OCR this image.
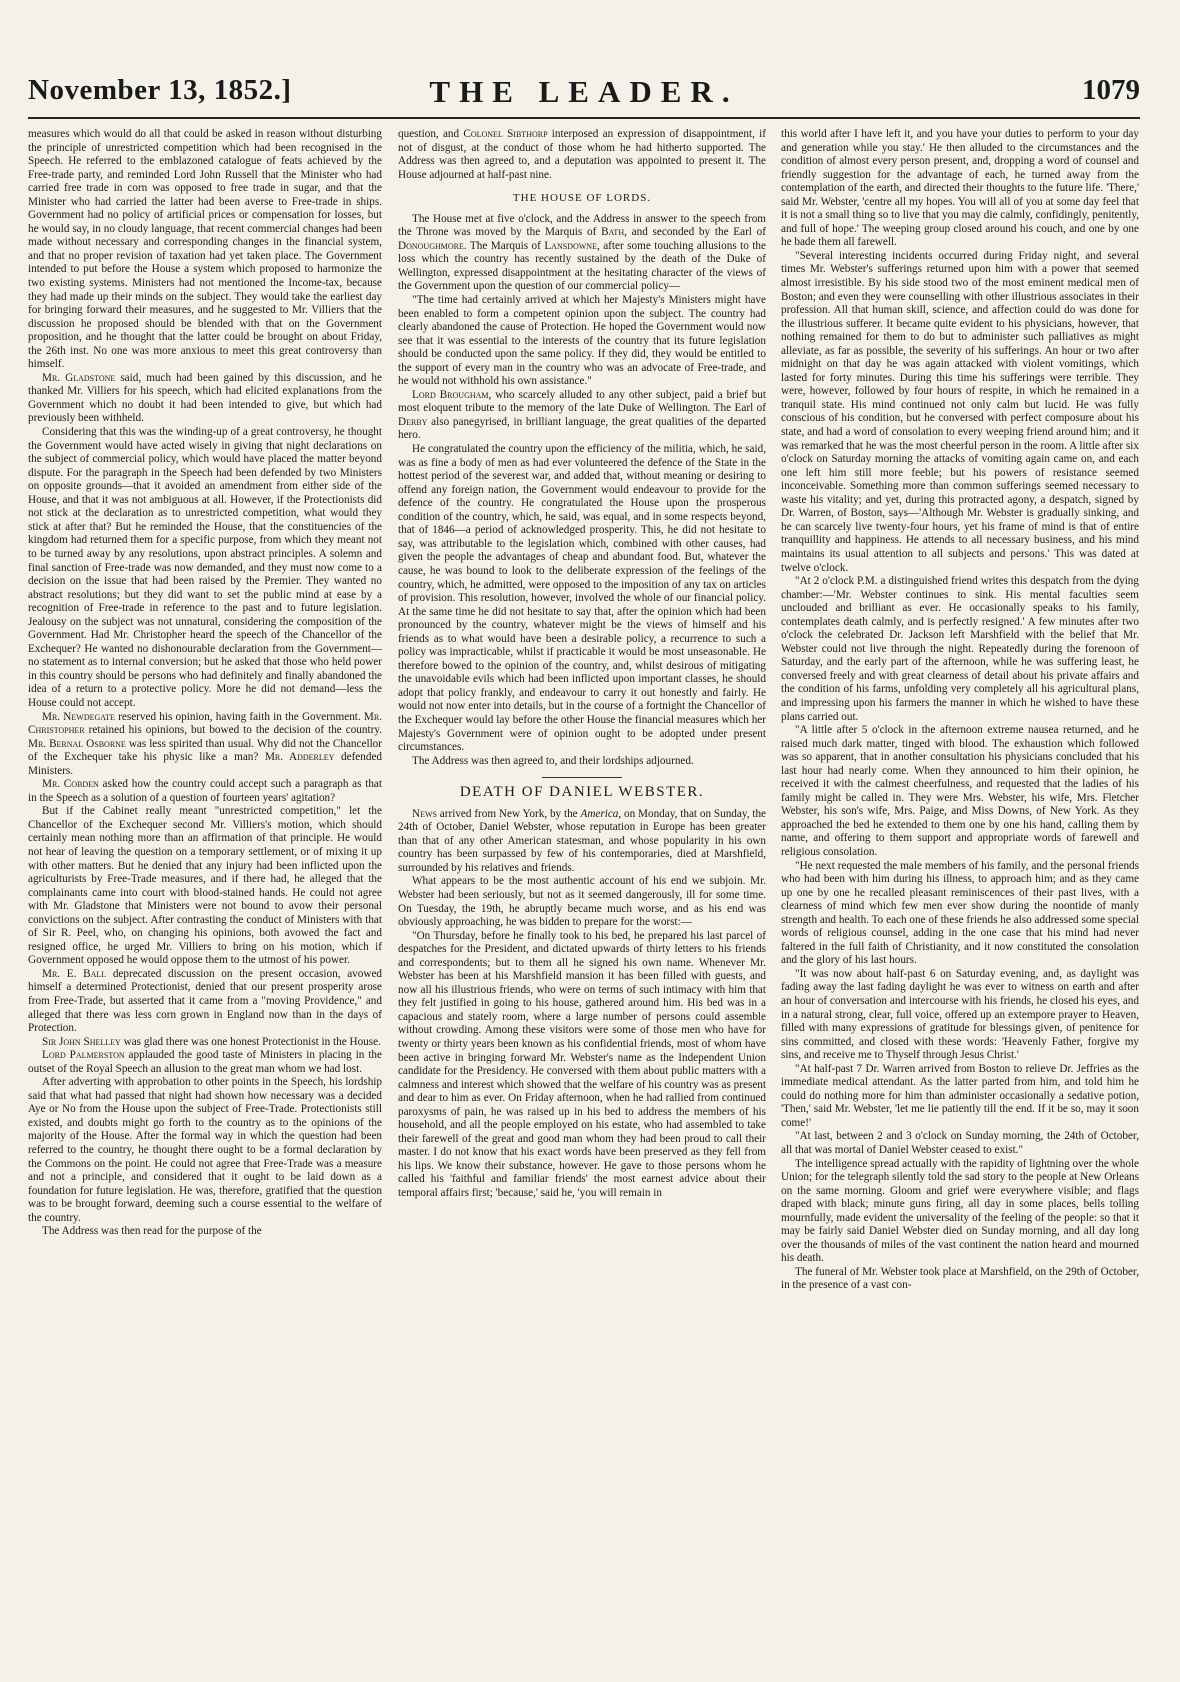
November 13, 1852.]	THE LEADER.	1079

measures which would do all that could be asked in reason without disturbing the principle of unrestricted competition which had been recognised in the Speech. He referred to the emblazoned catalogue of feats achieved by the Free-trade party, and reminded Lord John Russell that the Minister who had carried free trade in corn was opposed to free trade in sugar, and that the Minister who had carried the latter had been averse to Free-trade in ships. Government had no policy of artificial prices or compensation for losses, but he would say, in no cloudy language, that recent commercial changes had been made without necessary and corresponding changes in the financial system, and that no proper revision of taxation had yet taken place. The Government intended to put before the House a system which proposed to harmonize the two existing systems. Ministers had not mentioned the Income-tax, because they had made up their minds on the subject. They would take the earliest day for bringing forward their measures, and he suggested to Mr. Villiers that the discussion he proposed should be blended with that on the Government proposition, and he thought that the latter could be brought on about Friday, the 26th inst. No one was more anxious to meet this great controversy than himself.

Mr. Gladstone said, much had been gained by this discussion, and he thanked Mr. Villiers for his speech, which had elicited explanations from the Government which no doubt it had been intended to give, but which had previously been withheld.

Considering that this was the winding-up of a great controversy, he thought the Government would have acted wisely in giving that night declarations on the subject of commercial policy, which would have placed the matter beyond dispute. For the paragraph in the Speech had been defended by two Ministers on opposite grounds—that it avoided an amendment from either side of the House, and that it was not ambiguous at all. However, if the Protectionists did not stick at the declaration as to unrestricted competition, what would they stick at after that? But he reminded the House, that the constituencies of the kingdom had returned them for a specific purpose, from which they meant not to be turned away by any resolutions, upon abstract principles. A solemn and final sanction of Free-trade was now demanded, and they must now come to a decision on the issue that had been raised by the Premier. They wanted no abstract resolutions; but they did want to set the public mind at ease by a recognition of Free-trade in reference to the past and to future legislation. Jealousy on the subject was not unnatural, considering the composition of the Government. Had Mr. Christopher heard the speech of the Chancellor of the Exchequer? He wanted no dishonourable declaration from the Government—no statement as to internal conversion; but he asked that those who held power in this country should be persons who had definitely and finally abandoned the idea of a return to a protective policy. More he did not demand—less the House could not accept.

Mr. Newdegate reserved his opinion, having faith in the Government. Mr. Christopher retained his opinions, but bowed to the decision of the country. Mr. Bernal Osborne was less spirited than usual. Why did not the Chancellor of the Exchequer take his physic like a man? Mr. Adderley defended Ministers.

Mr. Cobden asked how the country could accept such a paragraph as that in the Speech as a solution of a question of fourteen years' agitation?

But if the Cabinet really meant "unrestricted competition," let the Chancellor of the Exchequer second Mr. Villiers's motion, which should certainly mean nothing more than an affirmation of that principle. He would not hear of leaving the question on a temporary settlement, or of mixing it up with other matters. But he denied that any injury had been inflicted upon the agriculturists by Free-Trade measures, and if there had, he alleged that the complainants came into court with blood-stained hands. He could not agree with Mr. Gladstone that Ministers were not bound to avow their personal convictions on the subject. After contrasting the conduct of Ministers with that of Sir R. Peel, who, on changing his opinions, both avowed the fact and resigned office, he urged Mr. Villiers to bring on his motion, which if Government opposed he would oppose them to the utmost of his power.

Mr. E. Ball deprecated discussion on the present occasion, avowed himself a determined Protectionist, denied that our present prosperity arose from Free-Trade, but asserted that it came from a "moving Providence," and alleged that there was less corn grown in England now than in the days of Protection.

Sir John Shelley was glad there was one honest Protectionist in the House.

Lord Palmerston applauded the good taste of Ministers in placing in the outset of the Royal Speech an allusion to the great man whom we had lost.

After adverting with approbation to other points in the Speech, his lordship said that what had passed that night had shown how necessary was a decided Aye or No from the House upon the subject of Free-Trade. Protectionists still existed, and doubts might go forth to the country as to the opinions of the majority of the House. After the formal way in which the question had been referred to the country, he thought there ought to be a formal declaration by the Commons on the point. He could not agree that Free-Trade was a measure and not a principle, and considered that it ought to be laid down as a foundation for future legislation. He was, therefore, gratified that the question was to be brought forward, deeming such a course essential to the welfare of the country.

The Address was then read for the purpose of the

question, and Colonel Sibthorp interposed an expression of disappointment, if not of disgust, at the conduct of those whom he had hitherto supported. The Address was then agreed to, and a deputation was appointed to present it. The House adjourned at half-past nine.

THE HOUSE OF LORDS.

The House met at five o'clock, and the Address in answer to the speech from the Throne was moved by the Marquis of Bath, and seconded by the Earl of Donoughmore. The Marquis of Lansdowne, after some touching allusions to the loss which the country has recently sustained by the death of the Duke of Wellington, expressed disappointment at the hesitating character of the views of the Government upon the question of our commercial policy—

"The time had certainly arrived at which her Majesty's Ministers might have been enabled to form a competent opinion upon the subject. The country had clearly abandoned the cause of Protection. He hoped the Government would now see that it was essential to the interests of the country that its future legislation should be conducted upon the same policy. If they did, they would be entitled to the support of every man in the country who was an advocate of Free-trade, and he would not withhold his own assistance."

Lord Brougham, who scarcely alluded to any other subject, paid a brief but most eloquent tribute to the memory of the late Duke of Wellington. The Earl of Derby also panegyrised, in brilliant language, the great qualities of the departed hero.

He congratulated the country upon the efficiency of the militia, which, he said, was as fine a body of men as had ever volunteered the defence of the State in the hottest period of the severest war, and added that, without meaning or desiring to offend any foreign nation, the Government would endeavour to provide for the defence of the country. He congratulated the House upon the prosperous condition of the country, which, he said, was equal, and in some respects beyond, that of 1846—a period of acknowledged prosperity. This, he did not hesitate to say, was attributable to the legislation which, combined with other causes, had given the people the advantages of cheap and abundant food. But, whatever the cause, he was bound to look to the deliberate expression of the feelings of the country, which, he admitted, were opposed to the imposition of any tax on articles of provision. This resolution, however, involved the whole of our financial policy. At the same time he did not hesitate to say that, after the opinion which had been pronounced by the country, whatever might be the views of himself and his friends as to what would have been a desirable policy, a recurrence to such a policy was impracticable, whilst if practicable it would be most unseasonable. He therefore bowed to the opinion of the country, and, whilst desirous of mitigating the unavoidable evils which had been inflicted upon important classes, he should adopt that policy frankly, and endeavour to carry it out honestly and fairly. He would not now enter into details, but in the course of a fortnight the Chancellor of the Exchequer would lay before the other House the financial measures which her Majesty's Government were of opinion ought to be adopted under present circumstances.

The Address was then agreed to, and their lordships adjourned.

DEATH OF DANIEL WEBSTER.

News arrived from New York, by the America, on Monday, that on Sunday, the 24th of October, Daniel Webster, whose reputation in Europe has been greater than that of any other American statesman, and whose popularity in his own country has been surpassed by few of his contemporaries, died at Marshfield, surrounded by his relatives and friends.

What appears to be the most authentic account of his end we subjoin. Mr. Webster had been seriously, but not as it seemed dangerously, ill for some time. On Tuesday, the 19th, he abruptly became much worse, and as his end was obviously approaching, he was bidden to prepare for the worst:—

"On Thursday, before he finally took to his bed, he prepared his last parcel of despatches for the President, and dictated upwards of thirty letters to his friends and correspondents; but to them all he signed his own name. Whenever Mr. Webster has been at his Marshfield mansion it has been filled with guests, and now all his illustrious friends, who were on terms of such intimacy with him that they felt justified in going to his house, gathered around him. His bed was in a capacious and stately room, where a large number of persons could assemble without crowding. Among these visitors were some of those men who have for twenty or thirty years been known as his confidential friends, most of whom have been active in bringing forward Mr. Webster's name as the Independent Union candidate for the Presidency. He conversed with them about public matters with a calmness and interest which showed that the welfare of his country was as present and dear to him as ever. On Friday afternoon, when he had rallied from continued paroxysms of pain, he was raised up in his bed to address the members of his household, and all the people employed on his estate, who had assembled to take their farewell of the great and good man whom they had been proud to call their master. I do not know that his exact words have been preserved as they fell from his lips. We know their substance, however. He gave to those persons whom he called his 'faithful and familiar friends' the most earnest advice about their temporal affairs first; 'because,' said he, 'you will remain in

this world after I have left it, and you have your duties to perform to your day and generation while you stay.' He then alluded to the circumstances and the condition of almost every person present, and, dropping a word of counsel and friendly suggestion for the advantage of each, he turned away from the contemplation of the earth, and directed their thoughts to the future life. 'There,' said Mr. Webster, 'centre all my hopes. You will all of you at some day feel that it is not a small thing so to live that you may die calmly, confidingly, penitently, and full of hope.' The weeping group closed around his couch, and one by one he bade them all farewell.

"Several interesting incidents occurred during Friday night, and several times Mr. Webster's sufferings returned upon him with a power that seemed almost irresistible. By his side stood two of the most eminent medical men of Boston; and even they were counselling with other illustrious associates in their profession. All that human skill, science, and affection could do was done for the illustrious sufferer. It became quite evident to his physicians, however, that nothing remained for them to do but to administer such palliatives as might alleviate, as far as possible, the severity of his sufferings. An hour or two after midnight on that day he was again attacked with violent vomitings, which lasted for forty minutes. During this time his sufferings were terrible. They were, however, followed by four hours of respite, in which he remained in a tranquil state. His mind continued not only calm but lucid. He was fully conscious of his condition, but he conversed with perfect composure about his state, and had a word of consolation to every weeping friend around him; and it was remarked that he was the most cheerful person in the room. A little after six o'clock on Saturday morning the attacks of vomiting again came on, and each one left him still more feeble; but his powers of resistance seemed inconceivable. Something more than common sufferings seemed necessary to waste his vitality; and yet, during this protracted agony, a despatch, signed by Dr. Warren, of Boston, says—'Although Mr. Webster is gradually sinking, and he can scarcely live twenty-four hours, yet his frame of mind is that of entire tranquillity and happiness. He attends to all necessary business, and his mind maintains its usual attention to all subjects and persons.' This was dated at twelve o'clock.

"At 2 o'clock P.M. a distinguished friend writes this despatch from the dying chamber:—'Mr. Webster continues to sink. His mental faculties seem unclouded and brilliant as ever. He occasionally speaks to his family, contemplates death calmly, and is perfectly resigned.' A few minutes after two o'clock the celebrated Dr. Jackson left Marshfield with the belief that Mr. Webster could not live through the night. Repeatedly during the forenoon of Saturday, and the early part of the afternoon, while he was suffering least, he conversed freely and with great clearness of detail about his private affairs and the condition of his farms, unfolding very completely all his agricultural plans, and impressing upon his farmers the manner in which he wished to have these plans carried out.

"A little after 5 o'clock in the afternoon extreme nausea returned, and he raised much dark matter, tinged with blood. The exhaustion which followed was so apparent, that in another consultation his physicians concluded that his last hour had nearly come. When they announced to him their opinion, he received it with the calmest cheerfulness, and requested that the ladies of his family might be called in. They were Mrs. Webster, his wife, Mrs. Fletcher Webster, his son's wife, Mrs. Paige, and Miss Downs, of New York. As they approached the bed he extended to them one by one his hand, calling them by name, and offering to them support and appropriate words of farewell and religious consolation.

"He next requested the male members of his family, and the personal friends who had been with him during his illness, to approach him; and as they came up one by one he recalled pleasant reminiscences of their past lives, with a clearness of mind which few men ever show during the noontide of manly strength and health. To each one of these friends he also addressed some special words of religious counsel, adding in the one case that his mind had never faltered in the full faith of Christianity, and it now constituted the consolation and the glory of his last hours.

"It was now about half-past 6 on Saturday evening, and, as daylight was fading away the last fading daylight he was ever to witness on earth and after an hour of conversation and intercourse with his friends, he closed his eyes, and in a natural strong, clear, full voice, offered up an extempore prayer to Heaven, filled with many expressions of gratitude for blessings given, of penitence for sins committed, and closed with these words: 'Heavenly Father, forgive my sins, and receive me to Thyself through Jesus Christ.'

"At half-past 7 Dr. Warren arrived from Boston to relieve Dr. Jeffries as the immediate medical attendant. As the latter parted from him, and told him he could do nothing more for him than administer occasionally a sedative potion, 'Then,' said Mr. Webster, 'let me lie patiently till the end. If it be so, may it soon come!'

"At last, between 2 and 3 o'clock on Sunday morning, the 24th of October, all that was mortal of Daniel Webster ceased to exist."

The intelligence spread actually with the rapidity of lightning over the whole Union; for the telegraph silently told the sad story to the people at New Orleans on the same morning. Gloom and grief were everywhere visible; and flags draped with black; minute guns firing, all day in some places, bells tolling mournfully, made evident the universality of the feeling of the people: so that it may be fairly said Daniel Webster died on Sunday morning, and all day long over the thousands of miles of the vast continent the nation heard and mourned his death.

The funeral of Mr. Webster took place at Marshfield, on the 29th of October, in the presence of a vast con-
